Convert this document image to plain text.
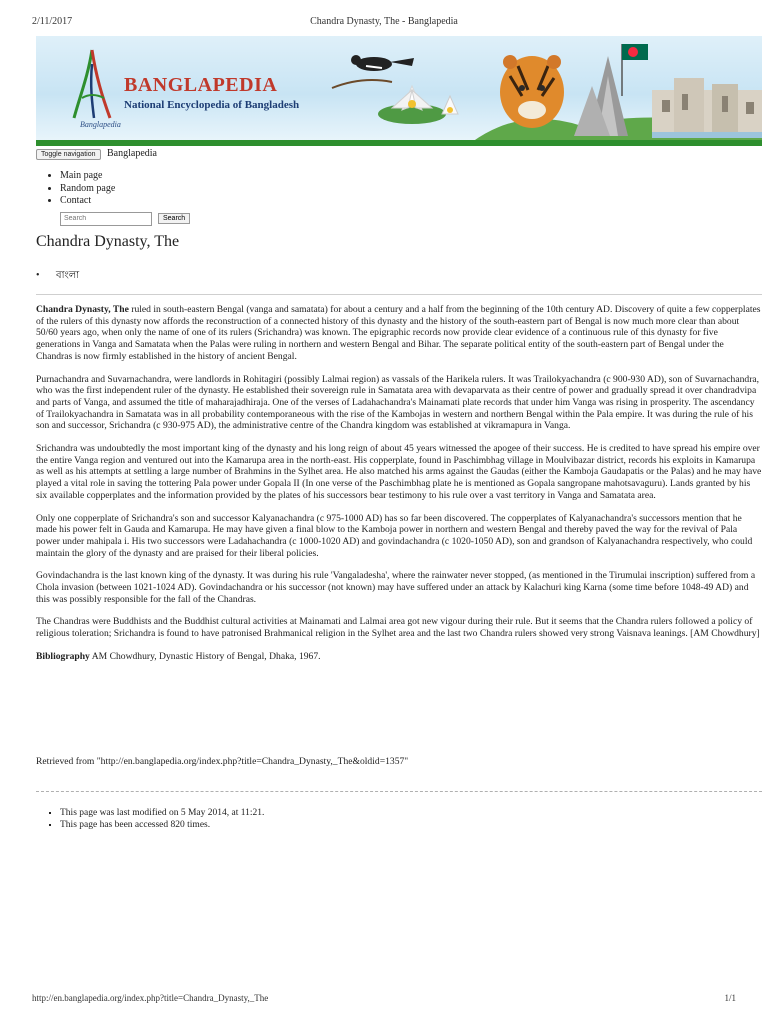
2/11/2017	Chandra Dynasty, The - Banglapedia
Banglapedia
BANGLAPEDIA
National Encyclopedia of Bangladesh
Toggle navigation Banglapedia
• Main page
• Random page
• Contact
Search Search
Chandra Dynasty, The
• বাংলা

Chandra Dynasty, The ruled in south-eastern Bengal (vanga and samatata) for about a century and a half from the beginning of the 10th century AD. Discovery of quite a few copperplates of the rulers of this dynasty now affords the reconstruction of a connected history of this dynasty and the history of the south-eastern part of Bengal is now much more clear than about 50/60 years ago, when only the name of one of its rulers (Srichandra) was known. The epigraphic records now provide clear evidence of a continuous rule of this dynasty for five generations in Vanga and Samatata when the Palas were ruling in northern and western Bengal and Bihar. The separate political entity of the south-eastern part of Bengal under the Chandras is now firmly established in the history of ancient Bengal.

Purnachandra and Suvarnachandra, were landlords in Rohitagiri (possibly Lalmai region) as vassals of the Harikela rulers. It was Trailokyachandra (c 900-930 AD), son of Suvarnachandra, who was the first independent ruler of the dynasty. He established their sovereign rule in Samatata area with devaparvata as their centre of power and gradually spread it over chandradvipa and parts of Vanga, and assumed the title of maharajadhiraja. One of the verses of Ladahachandra's Mainamati plate records that under him Vanga was rising in prosperity. The ascendancy of Trailokyachandra in Samatata was in all probability contemporaneous with the rise of the Kambojas in western and northern Bengal within the Pala empire. It was during the rule of his son and successor, Srichandra (c 930-975 AD), the administrative centre of the Chandra kingdom was established at vikramapura in Vanga.

Srichandra was undoubtedly the most important king of the dynasty and his long reign of about 45 years witnessed the apogee of their success. He is credited to have spread his empire over the entire Vanga region and ventured out into the Kamarupa area in the north-east. His copperplate, found in Paschimbhag village in Moulvibazar district, records his exploits in Kamarupa as well as his attempts at settling a large number of Brahmins in the Sylhet area. He also matched his arms against the Gaudas (either the Kamboja Gaudapatis or the Palas) and he may have played a vital role in saving the tottering Pala power under Gopala II (In one verse of the Paschimbhag plate he is mentioned as Gopala sangropane mahotsavaguru). Lands granted by his six available copperplates and the information provided by the plates of his successors bear testimony to his rule over a vast territory in Vanga and Samatata area.

Only one copperplate of Srichandra's son and successor Kalyanachandra (c 975-1000 AD) has so far been discovered. The copperplates of Kalyanachandra's successors mention that he made his power felt in Gauda and Kamarupa. He may have given a final blow to the Kamboja power in northern and western Bengal and thereby paved the way for the revival of Pala power under mahipala i. His two successors were Ladahachandra (c 1000-1020 AD) and govindachandra (c 1020-1050 AD), son and grandson of Kalyanachandra respectively, who could maintain the glory of the dynasty and are praised for their liberal policies.

Govindachandra is the last known king of the dynasty. It was during his rule 'Vangaladesha', where the rainwater never stopped, (as mentioned in the Tirumulai inscription) suffered from a Chola invasion (between 1021-1024 AD). Govindachandra or his successor (not known) may have suffered under an attack by Kalachuri king Karna (some time before 1048-49 AD) and this was possibly responsible for the fall of the Chandras.

The Chandras were Buddhists and the Buddhist cultural activities at Mainamati and Lalmai area got new vigour during their rule. But it seems that the Chandra rulers followed a policy of religious toleration; Srichandra is found to have patronised Brahmanical religion in the Sylhet area and the last two Chandra rulers showed very strong Vaisnava leanings. [AM Chowdhury]

Bibliography AM Chowdhury, Dynastic History of Bengal, Dhaka, 1967.

Retrieved from "http://en.banglapedia.org/index.php?title=Chandra_Dynasty,_The&oldid=1357"
▪ This page was last modified on 5 May 2014, at 11:21.
▪ This page has been accessed 820 times.
http://en.banglapedia.org/index.php?title=Chandra_Dynasty,_The	1/1
